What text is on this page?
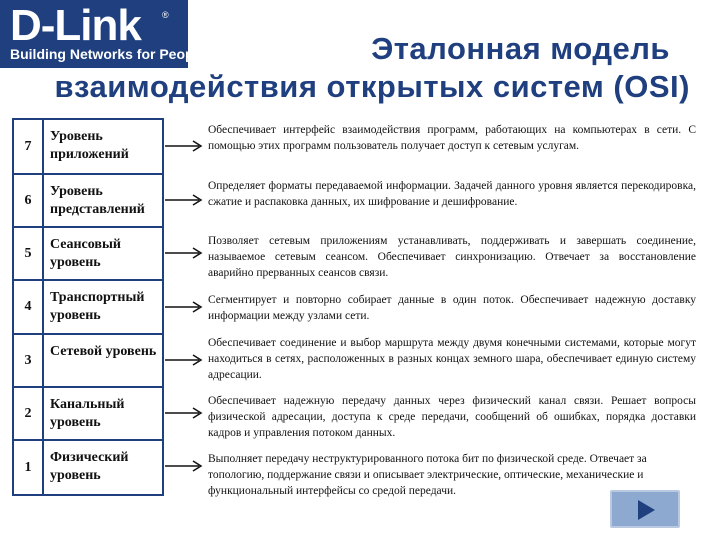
D-Link ®
Building Networks for People	Эталонная модель
взаимодействия открытых систем (OSI)
7
Уровень приложений
6
Уровень представлений
5
Сеансовый уровень
4
Транспортный уровень
3
Сетевой уровень
2
Канальный уровень
1
Физический уровень
Обеспечивает интерфейс взаимодействия программ, работающих на компьютерах в сети. С помощью этих программ пользователь получает доступ к сетевым услугам.
Определяет форматы передаваемой информации. Задачей данного уровня является перекодировка, сжатие и распаковка данных, их шифрование и дешифрование.
Позволяет сетевым приложениям устанавливать, поддерживать и завершать соединение, называемое сетевым сеансом. Обеспечивает синхронизацию. Отвечает за восстановление аварийно прерванных сеансов связи.
Сегментирует и повторно собирает данные в один поток. Обеспечивает надежную доставку информации между узлами сети.
Обеспечивает соединение и выбор маршрута между двумя конечными системами, которые могут находиться в сетях, расположенных в разных концах земного шара, обеспечивает единую систему адресации.
Обеспечивает надежную передачу данных через физический канал связи. Решает вопросы физической адресации, доступа к среде передачи, сообщений об ошибках, порядка доставки кадров и управления потоком данных.
Выполняет передачу неструктурированного потока бит по физической среде. Отвечает за топологию, поддержание связи и описывает электрические, оптические, механические и функциональный интерфейсы со средой передачи.
